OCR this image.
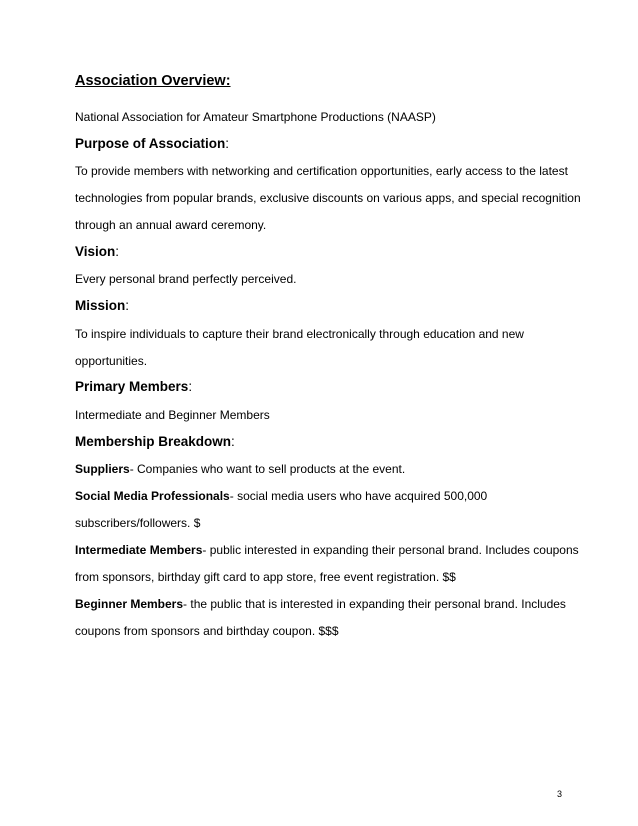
Association Overview:
National Association for Amateur Smartphone Productions (NAASP)
Purpose of Association:
To provide members with networking and certification opportunities, early access to the latest
technologies from popular brands, exclusive discounts on various apps, and special recognition
through an annual award ceremony.
Vision:
Every personal brand perfectly perceived.
Mission:
To inspire individuals to capture their brand electronically through education and new
opportunities.
Primary Members:
Intermediate and Beginner Members
Membership Breakdown:
Suppliers- Companies who want to sell products at the event.
Social Media Professionals- social media users who have acquired 500,000
subscribers/followers. $
Intermediate Members- public interested in expanding their personal brand. Includes coupons
from sponsors, birthday gift card to app store, free event registration. $$
Beginner Members- the public that is interested in expanding their personal brand. Includes
coupons from sponsors and birthday coupon. $$$
3
